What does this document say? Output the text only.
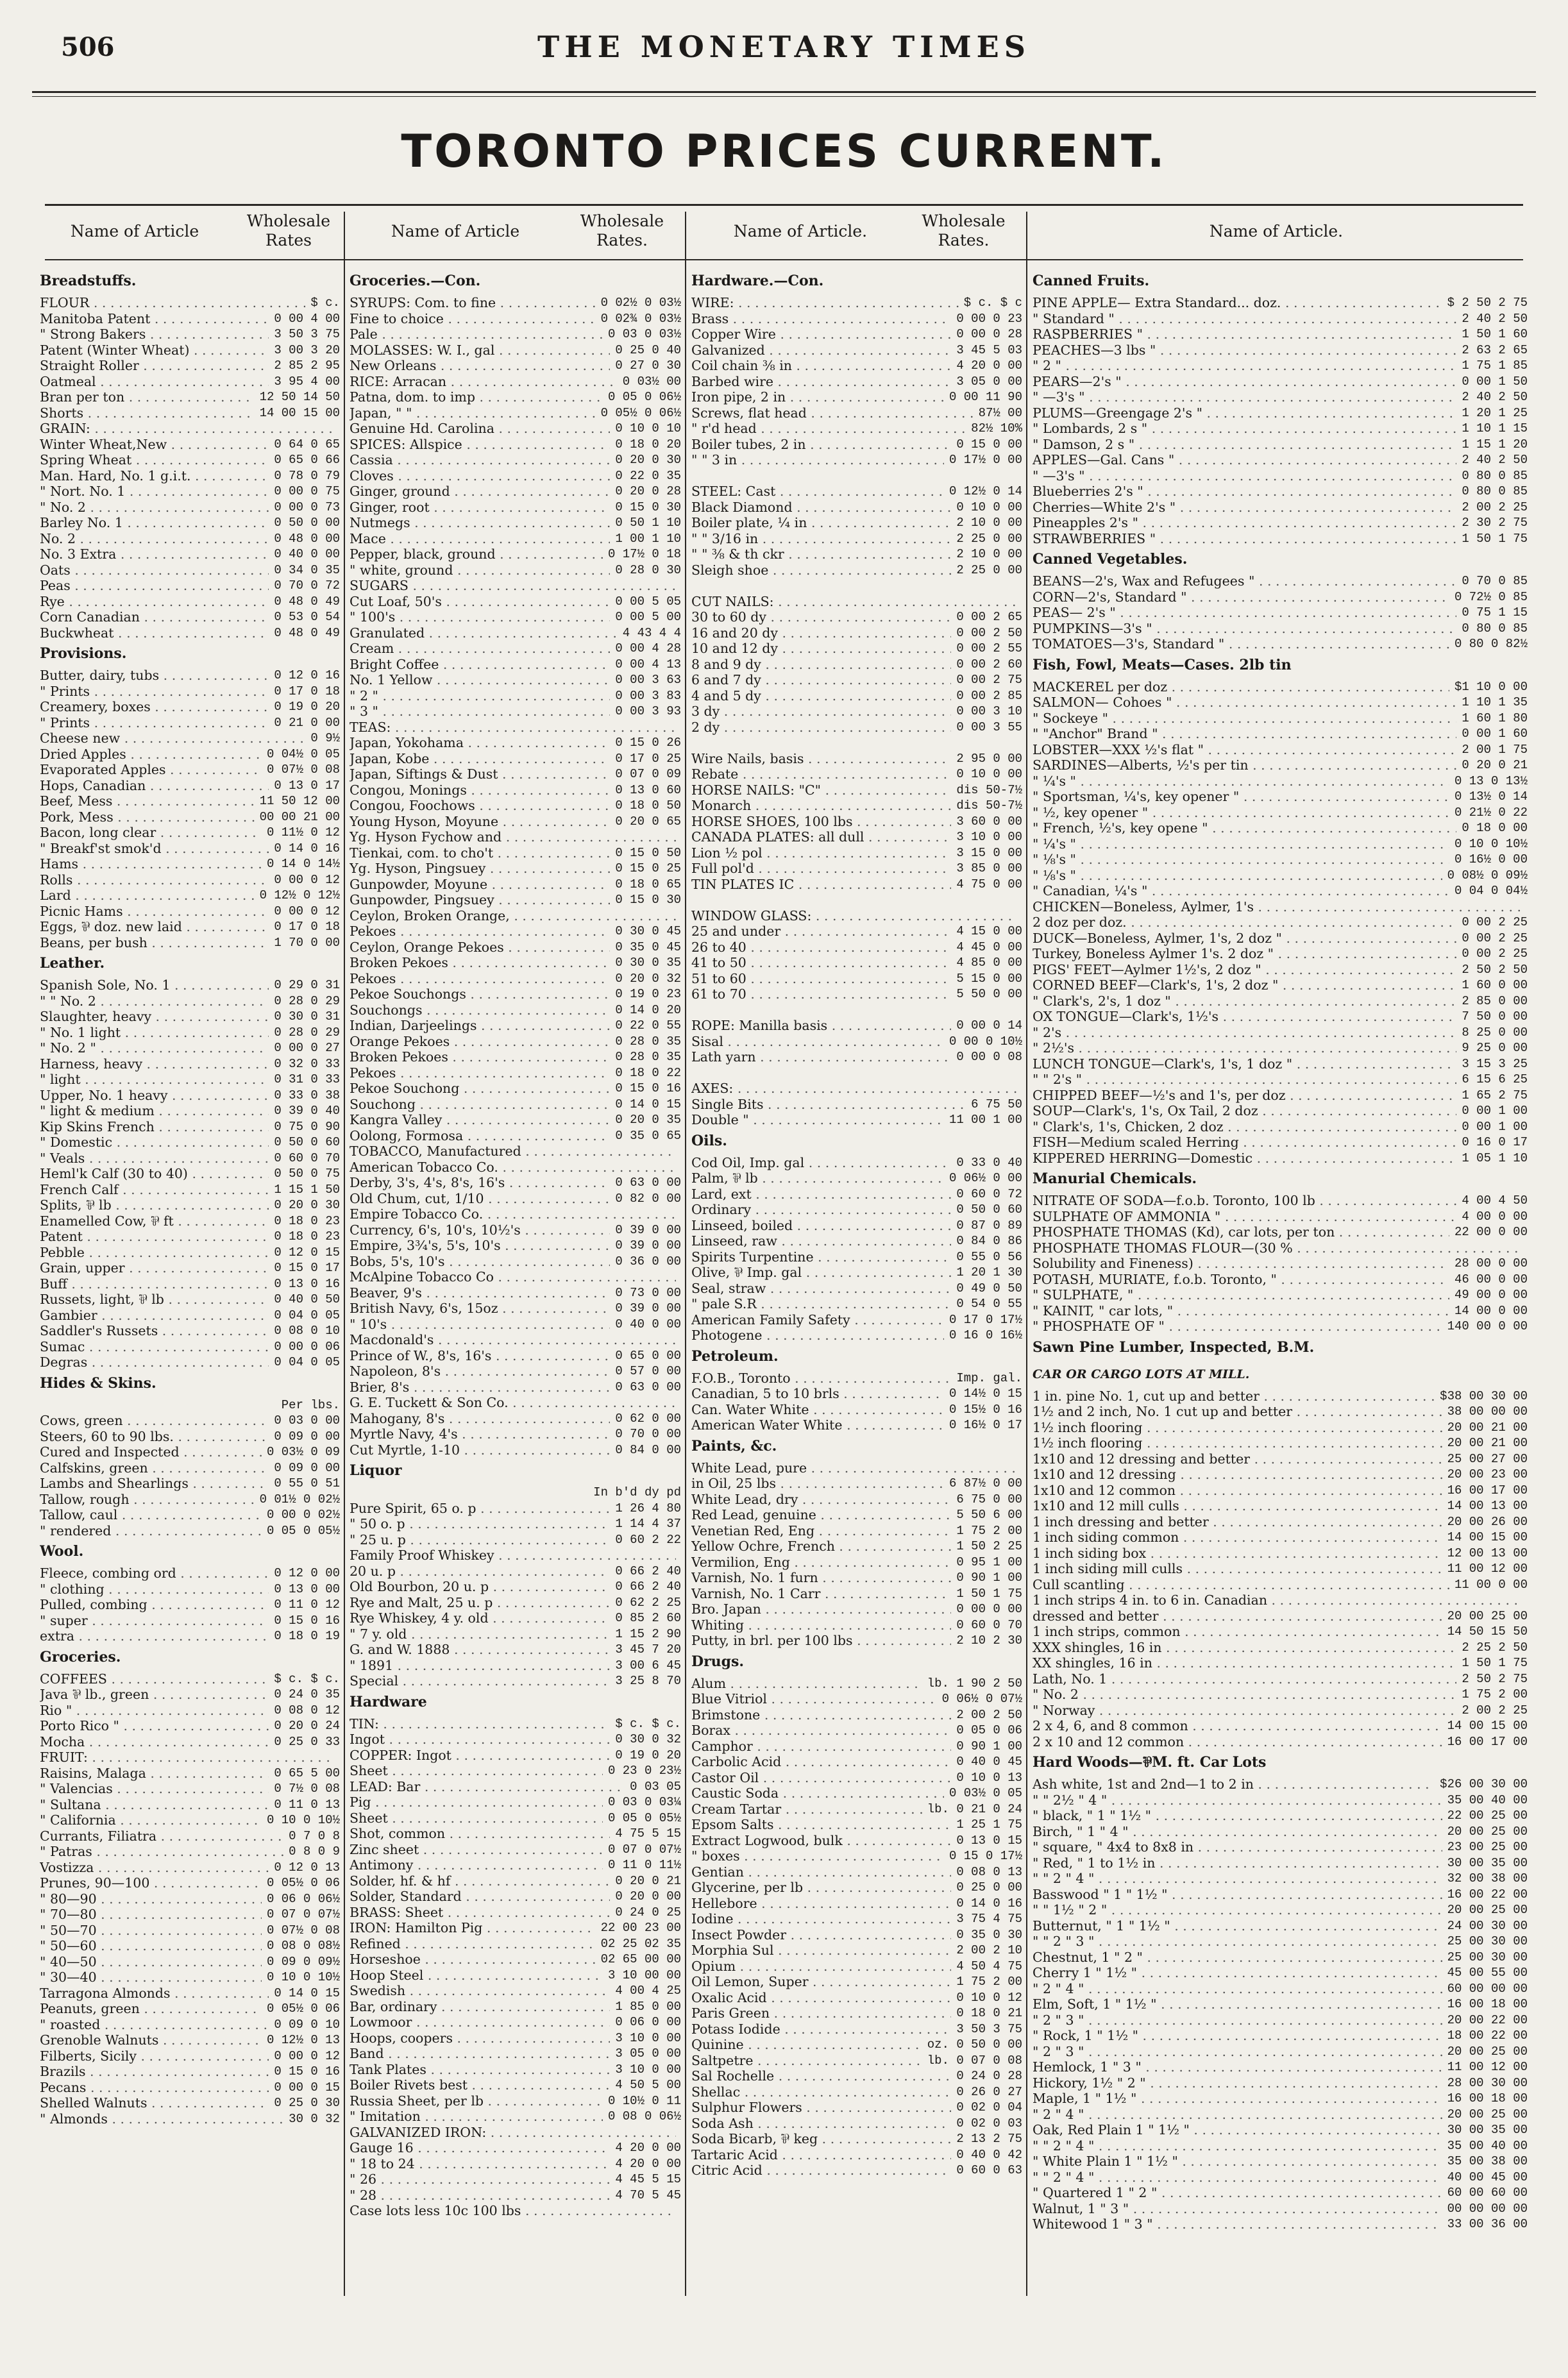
506	THE MONETARY TIMES
TORONTO PRICES CURRENT.
Name of Article
Wholesale Rates	Name of Article
Wholesale Rates.	Name of Article.
Wholesale Rates.	Name of Article.
Breadstuffs.
FLOUR . . .	$ c.
Manitoba Patent . . .	0 00 4 00
" Strong Bakers . . .	3 50 3 75
Patent (Winter Wheat) . . .	3 00 3 20
Straight Roller . . .	2 85 2 95
Oatmeal . . .	3 95 4 00
Bran per ton . . .	12 50 14 50
Shorts . . .	14 00 15 00
GRAIN: . . .
Winter Wheat,New . . .	0 64 0 65
Spring Wheat . . .	0 65 0 66
Man. Hard, No. 1 g.i.t. . . .	0 78 0 79
" Nort. No. 1 . . .	0 00 0 75
" No. 2 . . .	0 00 0 73
Barley No. 1 . . .	0 50 0 00
No. 2 . . .	0 48 0 00
No. 3 Extra . . .	0 40 0 00
Oats . . .	0 34 0 35
Peas . . .	0 70 0 72
Rye . . .	0 48 0 49
Corn Canadian . . .	0 53 0 54
Buckwheat . . .	0 48 0 49
Provisions.
Butter, dairy, tubs . . .	0 12 0 16
" Prints . . .	0 17 0 18
Creamery, boxes . . .	0 19 0 20
" Prints . . .	0 21 0 00
Cheese new . . .	0 9½
Dried Apples . . .	0 04½ 0 05
Evaporated Apples . . .	0 07½ 0 08
Hops, Canadian . . .	0 13 0 17
Beef, Mess . . .	11 50 12 00
Pork, Mess . . .	00 00 21 00
Bacon, long clear . . .	0 11½ 0 12
" Breakf'st smok'd . . .	0 14 0 16
Hams . . .	0 14 0 14½
Rolls . . .	0 00 0 12
Lard . . .	0 12½ 0 12½
Picnic Hams . . .	0 00 0 12
Eggs, ⅌ doz. new laid . . .	0 17 0 18
Beans, per bush . . .	1 70 0 00
Leather.
Spanish Sole, No. 1 . . .	0 29 0 31
" " No. 2 . . .	0 28 0 29
Slaughter, heavy . . .	0 30 0 31
" No. 1 light . . .	0 28 0 29
" No. 2 " . . .	0 00 0 27
Harness, heavy . . .	0 32 0 33
" light . . .	0 31 0 33
Upper, No. 1 heavy . . .	0 33 0 38
" light & medium . . .	0 39 0 40
Kip Skins French . . .	0 75 0 90
" Domestic . . .	0 50 0 60
" Veals . . .	0 60 0 70
Heml'k Calf (30 to 40) . . .	0 50 0 75
French Calf . . .	1 15 1 50
Splits, ⅌ lb . . .	0 20 0 30
Enamelled Cow, ⅌ ft . . .	0 18 0 23
Patent . . .	0 18 0 23
Pebble . . .	0 12 0 15
Grain, upper . . .	0 15 0 17
Buff . . .	0 13 0 16
Russets, light, ⅌ lb . . .	0 40 0 50
Gambier . . .	0 04 0 05
Saddler's Russets . . .	0 08 0 10
Sumac . . .	0 00 0 06
Degras . . .	0 04 0 05
Hides & Skins.
Per lbs.
Cows, green . . .	0 03 0 00
Steers, 60 to 90 lbs. . . .	0 09 0 00
Cured and Inspected . . .	0 03½ 0 09
Calfskins, green . . .	0 09 0 00
Lambs and Shearlings . . .	0 55 0 51
Tallow, rough . . .	0 01½ 0 02½
Tallow, caul . . .	0 00 0 02½
" rendered . . .	0 05 0 05½
Wool.
Fleece, combing ord . . .	0 12 0 00
" clothing . . .	0 13 0 00
Pulled, combing . . .	0 11 0 12
" super . . .	0 15 0 16
extra . . .	0 18 0 19
Groceries.
COFFEES . . .	$ c. $ c.
Java ⅌ lb., green . . .	0 24 0 35
Rio " . . .	0 08 0 12
Porto Rico " . . .	0 20 0 24
Mocha . . .	0 25 0 33
FRUIT: . . .
Raisins, Malaga . . .	0 65 5 00
" Valencias . . .	0 7½ 0 08
" Sultana . . .	0 11 0 13
" California . . .	0 10 0 10½
Currants, Filiatra . . .	0 7 0 8
" Patras . . .	0 8 0 9
Vostizza . . .	0 12 0 13
Prunes, 90—100 . . .	0 05½ 0 06
" 80—90 . . .	0 06 0 06½
" 70—80 . . .	0 07 0 07½
" 50—70 . . .	0 07½ 0 08
" 50—60 . . .	0 08 0 08½
" 40—50 . . .	0 09 0 09½
" 30—40 . . .	0 10 0 10½
Tarragona Almonds . . .	0 14 0 15
Peanuts, green . . .	0 05½ 0 06
" roasted . . .	0 09 0 10
Grenoble Walnuts . . .	0 12½ 0 13
Filberts, Sicily . . .	0 00 0 12
Brazils . . .	0 15 0 16
Pecans . . .	0 00 0 15
Shelled Walnuts . . .	0 25 0 30
" Almonds . . .	30 0 32
Groceries.—Con.
SYRUPS: Com. to fine . . .	0 02½ 0 03½
Fine to choice . . .	0 02¾ 0 03½
Pale . . .	0 03 0 03½
MOLASSES: W. I., gal . . .	0 25 0 40
New Orleans . . .	0 27 0 30
RICE: Arracan . . .	0 03½ 00
Patna, dom. to imp . . .	0 05 0 06½
Japan, " " . . .	0 05½ 0 06½
Genuine Hd. Carolina . . .	0 10 0 10
SPICES: Allspice . . .	0 18 0 20
Cassia . . .	0 20 0 30
Cloves . . .	0 22 0 35
Ginger, ground . . .	0 20 0 28
Ginger, root . . .	0 15 0 30
Nutmegs . . .	0 50 1 10
Mace . . .	1 00 1 10
Pepper, black, ground . . .	0 17½ 0 18
" white, ground . . .	0 28 0 30
SUGARS . . .
Cut Loaf, 50's . . .	0 00 5 05
" 100's . . .	0 00 5 00
Granulated . . .	4 43 4 4
Cream . . .	0 00 4 28
Bright Coffee . . .	0 00 4 13
No. 1 Yellow . . .	0 00 3 63
" 2 " . . .	0 00 3 83
" 3 " . . .	0 00 3 93
TEAS: . . .
Japan, Yokohama . . .	0 15 0 26
Japan, Kobe . . .	0 17 0 25
Japan, Siftings & Dust . . .	0 07 0 09
Congou, Monings . . .	0 13 0 60
Congou, Foochows . . .	0 18 0 50
Young Hyson, Moyune . . .	0 20 0 65
Yg. Hyson Fychow and . . .
Tienkai, com. to cho't . . .	0 15 0 50
Yg. Hyson, Pingsuey . . .	0 15 0 25
Gunpowder, Moyune . . .	0 18 0 65
Gunpowder, Pingsuey . . .	0 15 0 30
Ceylon, Broken Orange, . . .
Pekoes . . .	0 30 0 45
Ceylon, Orange Pekoes . . .	0 35 0 45
Broken Pekoes . . .	0 30 0 35
Pekoes . . .	0 20 0 32
Pekoe Souchongs . . .	0 19 0 23
Souchongs . . .	0 14 0 20
Indian, Darjeelings . . .	0 22 0 55
Orange Pekoes . . .	0 28 0 35
Broken Pekoes . . .	0 28 0 35
Pekoes . . .	0 18 0 22
Pekoe Souchong . . .	0 15 0 16
Souchong . . .	0 14 0 15
Kangra Valley . . .	0 20 0 35
Oolong, Formosa . . .	0 35 0 65
TOBACCO, Manufactured . . .
American Tobacco Co. . . .
Derby, 3's, 4's, 8's, 16's . . .	0 63 0 00
Old Chum, cut, 1/10 . . .	0 82 0 00
Empire Tobacco Co. . . .
Currency, 6's, 10's, 10½'s . . .	0 39 0 00
Empire, 3¾'s, 5's, 10's . . .	0 39 0 00
Bobs, 5's, 10's . . .	0 36 0 00
McAlpine Tobacco Co . . .
Beaver, 9's . . .	0 73 0 00
British Navy, 6's, 15oz . . .	0 39 0 00
" 10's . . .	0 40 0 00
Macdonald's . . .
Prince of W., 8's, 16's . . .	0 65 0 00
Napoleon, 8's . . .	0 57 0 00
Brier, 8's . . .	0 63 0 00
G. E. Tuckett & Son Co. . . .
Mahogany, 8's . . .	0 62 0 00
Myrtle Navy, 4's . . .	0 70 0 00
Cut Myrtle, 1-10 . . .	0 84 0 00
Liquor
In b'd dy pd
Pure Spirit, 65 o. p . . .	1 26 4 80
" 50 o. p . . .	1 14 4 37
" 25 u. p . . .	0 60 2 22
Family Proof Whiskey . . .
20 u. p . . .	0 66 2 40
Old Bourbon, 20 u. p . . .	0 66 2 40
Rye and Malt, 25 u. p . . .	0 62 2 25
Rye Whiskey, 4 y. old . . .	0 85 2 60
" 7 y. old . . .	1 15 2 90
G. and W. 1888 . . .	3 45 7 20
" 1891 . . .	3 00 6 45
Special . . .	3 25 8 70
Hardware
TIN: . . .	$ c. $ c.
Ingot . . .	0 30 0 32
COPPER: Ingot . . .	0 19 0 20
Sheet . . .	0 23 0 23½
LEAD: Bar . . .	0 03 05
Pig . . .	0 03 0 03¼
Sheet . . .	0 05 0 05½
Shot, common . . .	4 75 5 15
Zinc sheet . . .	0 07 0 07½
Antimony . . .	0 11 0 11½
Solder, hf. & hf . . .	0 20 0 21
Solder, Standard . . .	0 20 0 00
BRASS: Sheet . . .	0 24 0 25
IRON: Hamilton Pig . . .	22 00 23 00
Refined . . .	02 25 02 35
Horseshoe . . .	02 65 00 00
Hoop Steel . . .	3 10 00 00
Swedish . . .	4 00 4 25
Bar, ordinary . . .	1 85 0 00
Lowmoor . . .	0 06 0 00
Hoops, coopers . . .	3 10 0 00
Band . . .	3 05 0 00
Tank Plates . . .	3 10 0 00
Boiler Rivets best . . .	4 50 5 00
Russia Sheet, per lb . . .	0 10½ 0 11
" Imitation . . .	0 08 0 06½
GALVANIZED IRON: . . .
Gauge 16 . . .	4 20 0 00
" 18 to 24 . . .	4 20 0 00
" 26 . . .	4 45 5 15
" 28 . . .	4 70 5 45
Case lots less 10c 100 lbs . . .
Hardware.—Con.
WIRE: . . .	$ c. $ c
Brass . . .	0 00 0 23
Copper Wire . . .	0 00 0 28
Galvanized . . .	3 45 5 03
Coil chain ⅜ in . . .	4 20 0 00
Barbed wire . . .	3 05 0 00
Iron pipe, 2 in . . .	0 00 11 90
Screws, flat head . . .	87½ 00
" r'd head . . .	82½ 10%
Boiler tubes, 2 in . . .	0 15 0 00
" " 3 in . . .	0 17½ 0 00
STEEL: Cast . . .	0 12½ 0 14
Black Diamond . . .	0 10 0 00
Boiler plate, ¼ in . . .	2 10 0 00
" " 3/16 in . . .	2 25 0 00
" " ⅜ & th ckr . . .	2 10 0 00
Sleigh shoe . . .	2 25 0 00
CUT NAILS: . . .
30 to 60 dy . . .	0 00 2 65
16 and 20 dy . . .	0 00 2 50
10 and 12 dy . . .	0 00 2 55
8 and 9 dy . . .	0 00 2 60
6 and 7 dy . . .	0 00 2 75
4 and 5 dy . . .	0 00 2 85
3 dy . . .	0 00 3 10
2 dy . . .	0 00 3 55
Wire Nails, basis . . .	2 95 0 00
Rebate . . .	0 10 0 00
HORSE NAILS: "C" . . .	dis 50-7½
Monarch . . .	dis 50-7½
HORSE SHOES, 100 lbs . . .	3 60 0 00
CANADA PLATES: all dull . . .	3 10 0 00
Lion ½ pol . . .	3 15 0 00
Full pol'd . . .	3 85 0 00
TIN PLATES IC . . .	4 75 0 00
WINDOW GLASS: . . .
25 and under . . .	4 15 0 00
26 to 40 . . .	4 45 0 00
41 to 50 . . .	4 85 0 00
51 to 60 . . .	5 15 0 00
61 to 70 . . .	5 50 0 00
ROPE: Manilla basis . . .	0 00 0 14
Sisal . . .	0 00 0 10½
Lath yarn . . .	0 00 0 08
AXES: . . .
Single Bits . . .	6 75 50
Double " . . .	11 00 1 00
Oils.
Cod Oil, Imp. gal . . .	0 33 0 40
Palm, ⅌ lb . . .	0 06½ 0 00
Lard, ext . . .	0 60 0 72
Ordinary . . .	0 50 0 60
Linseed, boiled . . .	0 87 0 89
Linseed, raw . . .	0 84 0 86
Spirits Turpentine . . .	0 55 0 56
Olive, ⅌ Imp. gal . . .	1 20 1 30
Seal, straw . . .	0 49 0 50
" pale S.R . . .	0 54 0 55
American Family Safety . . .	0 17 0 17½
Photogene . . .	0 16 0 16½
Petroleum.
F.O.B., Toronto . . .	Imp. gal.
Canadian, 5 to 10 brls . . .	0 14½ 0 15
Can. Water White . . .	0 15½ 0 16
American Water White . . .	0 16½ 0 17
Paints, &c.
White Lead, pure . . .
in Oil, 25 lbs . . .	6 87½ 0 00
White Lead, dry . . .	6 75 0 00
Red Lead, genuine . . .	5 50 6 00
Venetian Red, Eng . . .	1 75 2 00
Yellow Ochre, French . . .	1 50 2 25
Vermilion, Eng . . .	0 95 1 00
Varnish, No. 1 furn . . .	0 90 1 00
Varnish, No. 1 Carr . . .	1 50 1 75
Bro. Japan . . .	0 00 0 00
Whiting . . .	0 60 0 70
Putty, in brl. per 100 lbs . . .	2 10 2 30
Drugs.
Alum . . .	lb. 1 90 2 50
Blue Vitriol . . .	0 06½ 0 07½
Brimstone . . .	2 00 2 50
Borax . . .	0 05 0 06
Camphor . . .	0 90 1 00
Carbolic Acid . . .	0 40 0 45
Castor Oil . . .	0 10 0 13
Caustic Soda . . .	0 03½ 0 05
Cream Tartar . . .	lb. 0 21 0 24
Epsom Salts . . .	1 25 1 75
Extract Logwood, bulk . . .	0 13 0 15
" boxes . . .	0 15 0 17½
Gentian . . .	0 08 0 13
Glycerine, per lb . . .	0 25 0 00
Hellebore . . .	0 14 0 16
Iodine . . .	3 75 4 75
Insect Powder . . .	0 35 0 30
Morphia Sul . . .	2 00 2 10
Opium . . .	4 50 4 75
Oil Lemon, Super . . .	1 75 2 00
Oxalic Acid . . .	0 10 0 12
Paris Green . . .	0 18 0 21
Potass Iodide . . .	3 50 3 75
Quinine . . .	oz. 0 50 0 00
Saltpetre . . .	lb. 0 07 0 08
Sal Rochelle . . .	0 24 0 28
Shellac . . .	0 26 0 27
Sulphur Flowers . . .	0 02 0 04
Soda Ash . . .	0 02 0 03
Soda Bicarb, ⅌ keg . . .	2 13 2 75
Tartaric Acid . . .	0 40 0 42
Citric Acid . . .	0 60 0 63
Canned Fruits.
PINE APPLE— Extra Standard... doz. . . .	$ 2 50 2 75
" Standard " . . .	2 40 2 50
RASPBERRIES " . . .	1 50 1 60
PEACHES—3 lbs " . . .	2 63 2 65
" 2 " . . .	1 75 1 85
PEARS—2's " . . .	0 00 1 50
" —3's " . . .	2 40 2 50
PLUMS—Greengage 2's " . . .	1 20 1 25
" Lombards, 2 s " . . .	1 10 1 15
" Damson, 2 s " . . .	1 15 1 20
APPLES—Gal. Cans " . . .	2 40 2 50
" —3's " . . .	0 80 0 85
Blueberries 2's " . . .	0 80 0 85
Cherries—White 2's " . . .	2 00 2 25
Pineapples 2's " . . .	2 30 2 75
STRAWBERRIES " . . .	1 50 1 75
Canned Vegetables.
BEANS—2's, Wax and Refugees " . . .	0 70 0 85
CORN—2's, Standard " . . .	0 72½ 0 85
PEAS— 2's " . . .	0 75 1 15
PUMPKINS—3's " . . .	0 80 0 85
TOMATOES—3's, Standard " . . .	0 80 0 82½
Fish, Fowl, Meats—Cases. 2lb tin
MACKEREL per doz . . .	$1 10 0 00
SALMON— Cohoes " . . .	1 10 1 35
" Sockeye " . . .	1 60 1 80
" "Anchor" Brand " . . .	0 00 1 60
LOBSTER—XXX ½'s flat " . . .	2 00 1 75
SARDINES—Alberts, ½'s per tin . . .	0 20 0 21
" ¼'s " . . .	0 13 0 13½
" Sportsman, ¼'s, key opener " . . .	0 13½ 0 14
" ½, key opener " . . .	0 21½ 0 22
" French, ½'s, key opene " . . .	0 18 0 00
" ¼'s " . . .	0 10 0 10½
" ⅛'s " . . .	0 16½ 0 00
" ⅛'s " . . .	0 08½ 0 09½
" Canadian, ¼'s " . . .	0 04 0 04½
CHICKEN—Boneless, Aylmer, 1's . . .
2 doz per doz. . . .	0 00 2 25
DUCK—Boneless, Aylmer, 1's, 2 doz " . . .	0 00 2 25
Turkey, Boneless Aylmer 1's. 2 doz " . . .	0 00 2 25
PIGS' FEET—Aylmer 1½'s, 2 doz " . . .	2 50 2 50
CORNED BEEF—Clark's, 1's, 2 doz " . . .	1 60 0 00
" Clark's, 2's, 1 doz " . . .	2 85 0 00
OX TONGUE—Clark's, 1½'s . . .	7 50 0 00
" 2's . . .	8 25 0 00
" 2½'s . . .	9 25 0 00
LUNCH TONGUE—Clark's, 1's, 1 doz " . . .	3 15 3 25
" " 2's " . . .	6 15 6 25
CHIPPED BEEF—½'s and 1's, per doz . . .	1 65 2 75
SOUP—Clark's, 1's, Ox Tail, 2 doz . . .	0 00 1 00
" Clark's, 1's, Chicken, 2 doz . . .	0 00 1 00
FISH—Medium scaled Herring . . .	0 16 0 17
KIPPERED HERRING—Domestic . . .	1 05 1 10
Manurial Chemicals.
NITRATE OF SODA—f.o.b. Toronto, 100 lb . . .	4 00 4 50
SULPHATE OF AMMONIA " . . .	4 00 0 00
PHOSPHATE THOMAS (Kd), car lots, per ton . . .	22 00 0 00
PHOSPHATE THOMAS FLOUR—(30 % . . .
Solubility and Fineness) . . .	28 00 0 00
POTASH, MURIATE, f.o.b. Toronto, " . . .	46 00 0 00
" SULPHATE, " . . .	49 00 0 00
" KAINIT, " car lots, " . . .	14 00 0 00
" PHOSPHATE OF " . . .	140 00 0 00
Sawn Pine Lumber, Inspected, B.M.
CAR OR CARGO LOTS AT MILL.
1 in. pine No. 1, cut up and better . . .	$38 00 30 00
1½ and 2 inch, No. 1 cut up and better . . .	38 00 00 00
1½ inch flooring . . .	20 00 21 00
1½ inch flooring . . .	20 00 21 00
1x10 and 12 dressing and better . . .	25 00 27 00
1x10 and 12 dressing . . .	20 00 23 00
1x10 and 12 common . . .	16 00 17 00
1x10 and 12 mill culls . . .	14 00 13 00
1 inch dressing and better . . .	20 00 26 00
1 inch siding common . . .	14 00 15 00
1 inch siding box . . .	12 00 13 00
1 inch siding mill culls . . .	11 00 12 00
Cull scantling . . .	11 00 0 00
1 inch strips 4 in. to 6 in. Canadian . . .
dressed and better . . .	20 00 25 00
1 inch strips, common . . .	14 50 15 50
XXX shingles, 16 in . . .	2 25 2 50
XX shingles, 16 in . . .	1 50 1 75
Lath, No. 1 . . .	2 50 2 75
" No. 2 . . .	1 75 2 00
" Norway . . .	2 00 2 25
2 x 4, 6, and 8 common . . .	14 00 15 00
2 x 10 and 12 common . . .	16 00 17 00
Hard Woods—⅌M. ft. Car Lots
Ash white, 1st and 2nd—1 to 2 in . . .	$26 00 30 00
" " 2½ " 4 " . . .	35 00 40 00
" black, " 1 " 1½ " . . .	22 00 25 00
Birch, " 1 " 4 " . . .	20 00 25 00
" square, " 4x4 to 8x8 in . . .	23 00 25 00
" Red, " 1 to 1½ in . . .	30 00 35 00
" " 2 " 4 " . . .	32 00 38 00
Basswood " 1 " 1½ " . . .	16 00 22 00
" " 1½ " 2 " . . .	20 00 25 00
Butternut, " 1 " 1½ " . . .	24 00 30 00
" " 2 " 3 " . . .	25 00 30 00
Chestnut, 1 " 2 " . . .	25 00 30 00
Cherry 1 " 1½ " . . .	45 00 55 00
" 2 " 4 " . . .	60 00 00 00
Elm, Soft, 1 " 1½ " . . .	16 00 18 00
" 2 " 3 " . . .	20 00 22 00
" Rock, 1 " 1½ " . . .	18 00 22 00
" 2 " 3 " . . .	20 00 25 00
Hemlock, 1 " 3 " . . .	11 00 12 00
Hickory, 1½ " 2 " . . .	28 00 30 00
Maple, 1 " 1½ " . . .	16 00 18 00
" 2 " 4 " . . .	20 00 25 00
Oak, Red Plain 1 " 1½ " . . .	30 00 35 00
" " 2 " 4 " . . .	35 00 40 00
" White Plain 1 " 1½ " . . .	35 00 38 00
" " 2 " 4 " . . .	40 00 45 00
" Quartered 1 " 2 " . . .	60 00 60 00
Walnut, 1 " 3 " . . .	00 00 00 00
Whitewood 1 " 3 " . . .	33 00 36 00
